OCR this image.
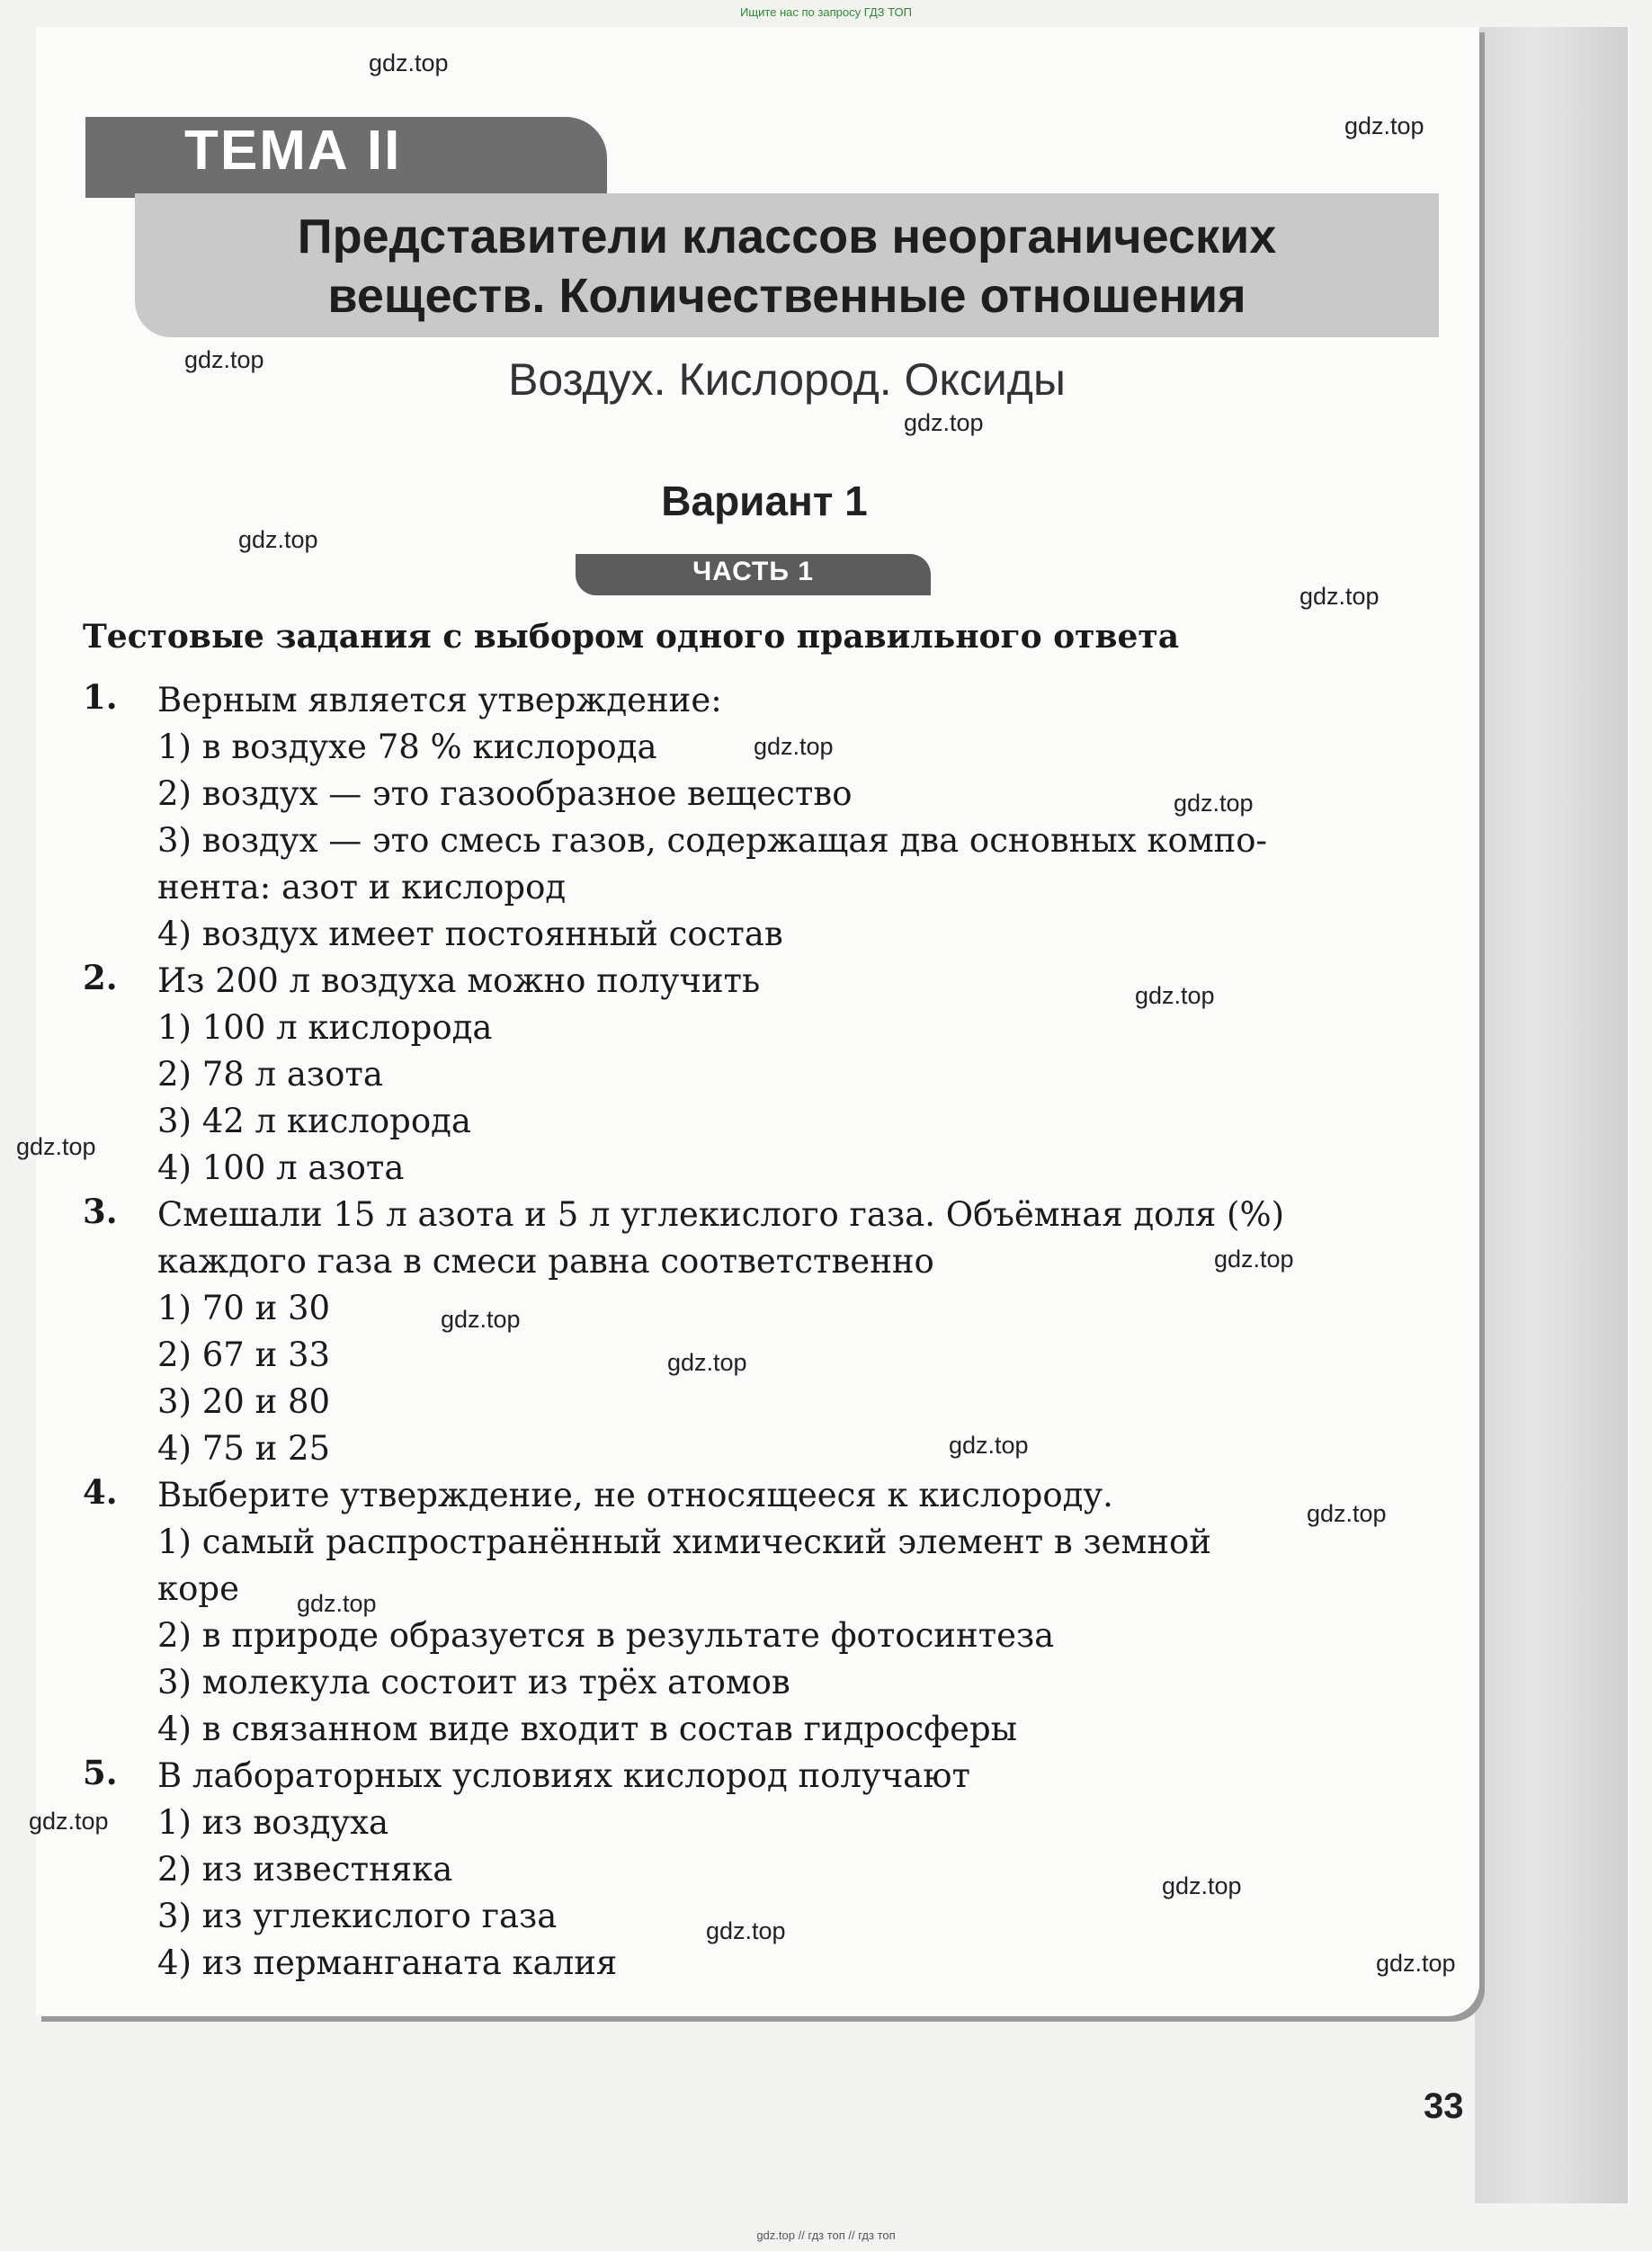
Ищите нас по запросу ГДЗ ТОП
ТЕМА II
Представители классов неорганических
веществ. Количественные отношения
Воздух. Кислород. Оксиды
Вариант 1
ЧАСТЬ 1
Тестовые задания с выбором одного правильного ответа
1. Верным является утверждение:
1) в воздухе 78 % кислорода
2) воздух — это газообразное вещество
3) воздух — это смесь газов, содержащая два основных компо-
нента: азот и кислород
4) воздух имеет постоянный состав
2. Из 200 л воздуха можно получить
1) 100 л кислорода
2) 78 л азота
3) 42 л кислорода
4) 100 л азота
3. Смешали 15 л азота и 5 л углекислого газа. Объёмная доля (%)
каждого газа в смеси равна соответственно
1) 70 и 30
2) 67 и 33
3) 20 и 80
4) 75 и 25
4. Выберите утверждение, не относящееся к кислороду.
1) самый распространённый химический элемент в земной
коре
2) в природе образуется в результате фотосинтеза
3) молекула состоит из трёх атомов
4) в связанном виде входит в состав гидросферы
5. В лабораторных условиях кислород получают
1) из воздуха
2) из известняка
3) из углекислого газа
4) из перманганата калия
gdz.top
gdz.top
gdz.top
gdz.top
gdz.top
gdz.top
gdz.top
gdz.top
gdz.top
gdz.top
gdz.top
gdz.top
gdz.top
gdz.top
gdz.top
gdz.top
gdz.top
gdz.top
gdz.top
gdz.top
33
gdz.top // гдз топ // гдз топ
